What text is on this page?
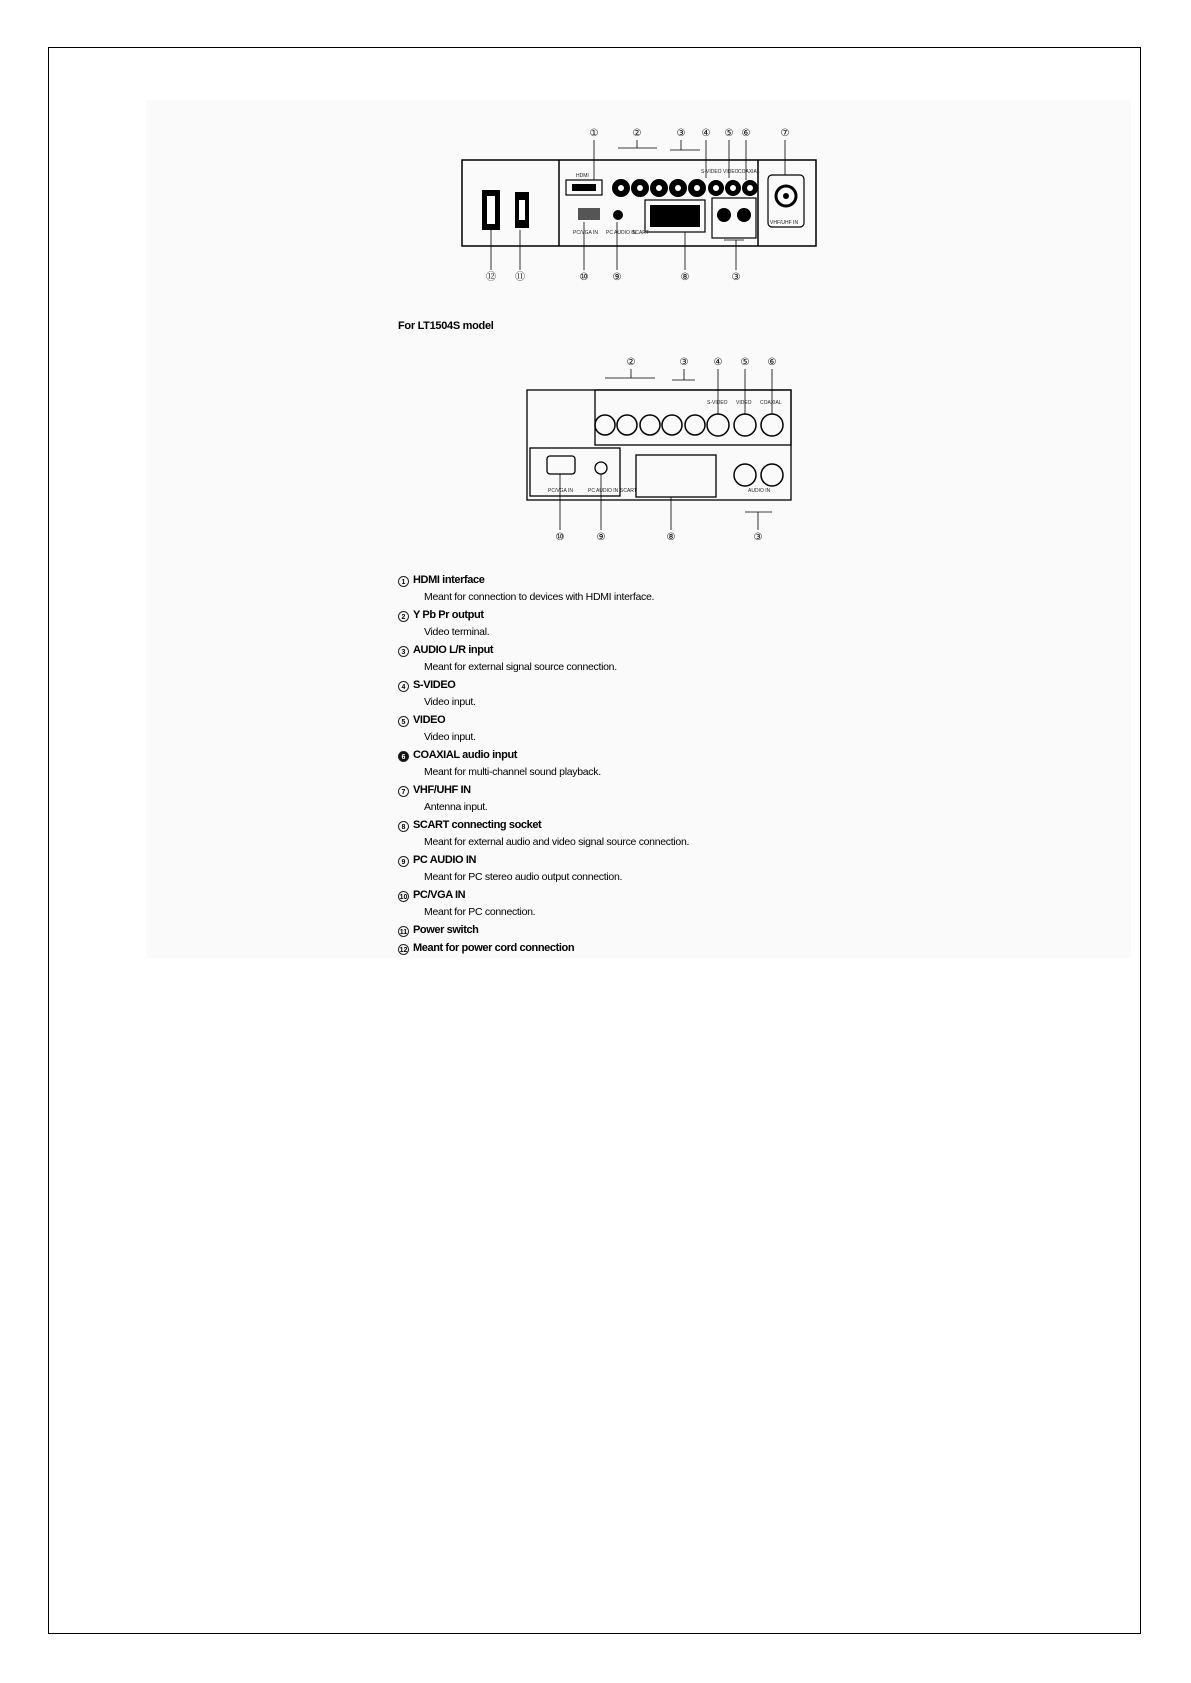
HDMI
S-VIDEO VIDEO COAXIAL
PC/VGA IN PC AUDIO IN
SCART
VHF/UHF IN
①	②	③ ④ ⑤ ⑥	⑦
⑫ ⑪	⑩ ⑨	⑧	③
For LT1504S model
S-VIDEO VIDEO COAXIAL
PC/VGA IN	PC AUDIO IN SCART	AUDIO IN
②	③	④ ⑤ ⑥
⑩	⑨	⑧	③
1 HDMI interface
Meant for connection to devices with HDMI interface.
2 Y Pb Pr output
Video terminal.
3 AUDIO L/R input
Meant for external signal source connection.
4 S-VIDEO
Video input.
5 VIDEO
Video input.
6 COAXIAL audio input
Meant for multi-channel sound playback.
7 VHF/UHF IN
Antenna input.
8 SCART connecting socket
Meant for external audio and video signal source connection.
9 PC AUDIO IN
Meant for PC stereo audio output connection.
10 PC/VGA IN
Meant for PC connection.
11 Power switch
12 Meant for power cord connection
